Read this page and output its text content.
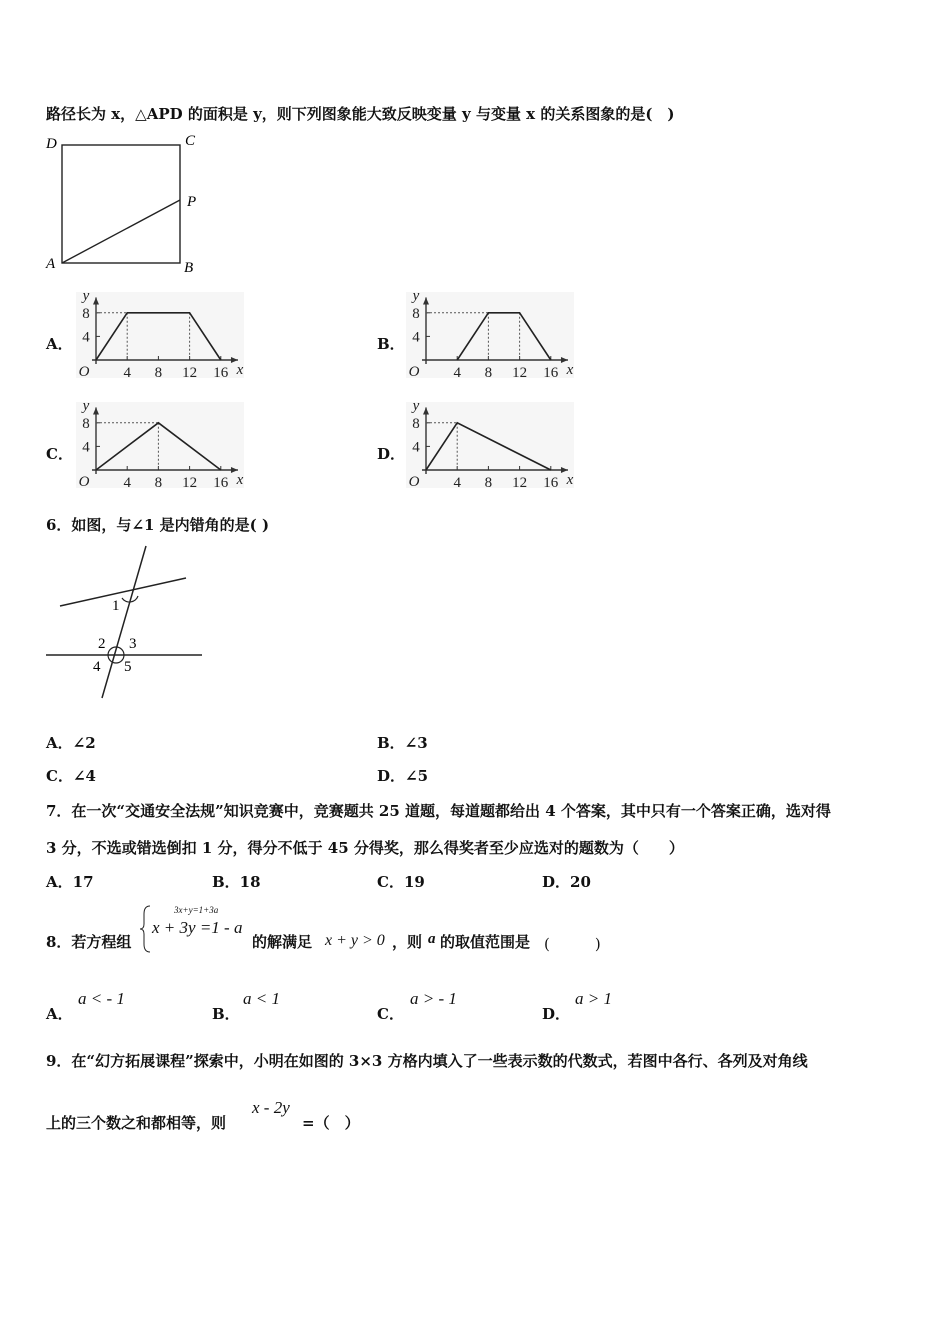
路径长为 x，△APD 的面积是 y，则下列图象能大致反映变量 y 与变量 x 的关系图象的是(　)
D	C
P
A	B
A．	B．
C．	D．
y
8
4
O 4 8 12 16 x
y
8
4
O 4 8 12 16 x
y
8
4
O 4 8 12 16 x
y
8
4
O 4 8 12 16 x
6．如图，与∠1 是内错角的是( )
1
2 3
4 5
A．∠2	B．∠3
C．∠4	D．∠5
7．在一次“交通安全法规”知识竞赛中，竞赛题共 25 道题，每道题都给出 4 个答案，其中只有一个答案正确，选对得
3 分，不选或错选倒扣 1 分，得分不低于 45 分得奖，那么得奖者至少应选对的题数为（　　）
A．17	B．18	C．19	D．20
8．若方程组
3x+y=1+3a
x + 3y =1 - a
的解满足 x + y > 0 ，则 a 的取值范围是 (　　　)
A．
a < - 1
B．
a < 1
C．
a > - 1
D．
a > 1
9．在“幻方拓展课程”探索中，小明在如图的 3×3 方格内填入了一些表示数的代数式，若图中各行、各列及对角线
上的三个数之和都相等，则
x - 2y
=（　）
